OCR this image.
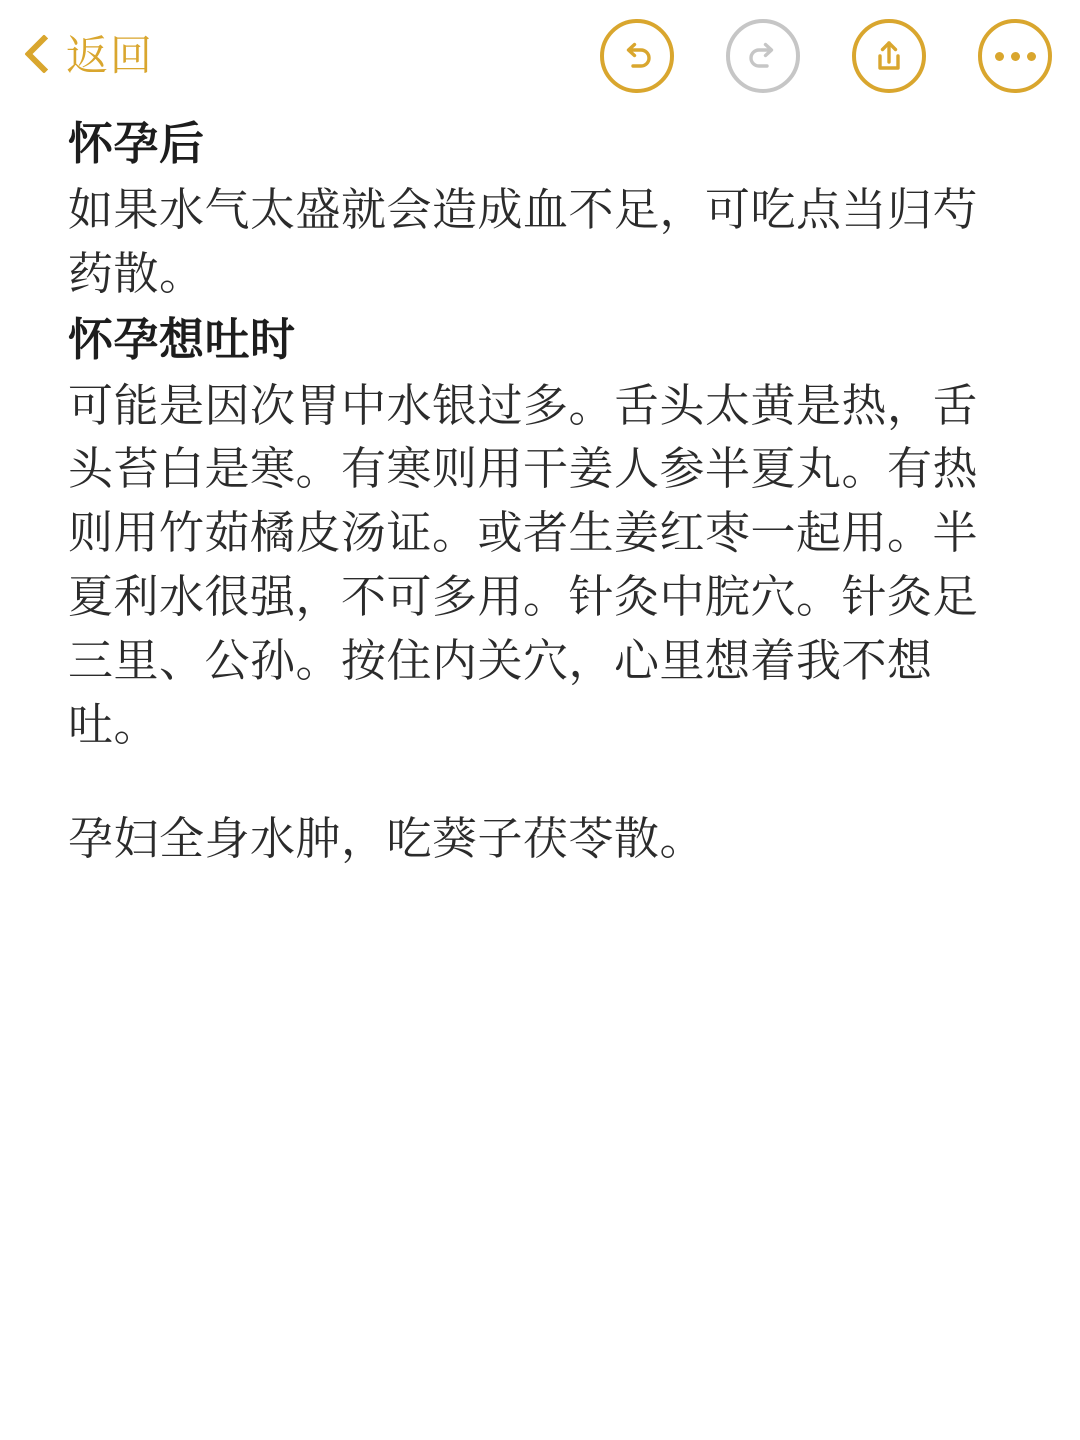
返回

怀孕后

如果水气太盛就会造成血不足，可吃点当归芍药散。

怀孕想吐时

可能是因次胃中水银过多。舌头太黄是热，舌头苔白是寒。有寒则用干姜人参半夏丸。有热则用竹茹橘皮汤证。或者生姜红枣一起用。半夏利水很强，不可多用。针灸中脘穴。针灸足三里、公孙。按住内关穴，心里想着我不想吐。

孕妇全身水肿，吃葵子茯苓散。
